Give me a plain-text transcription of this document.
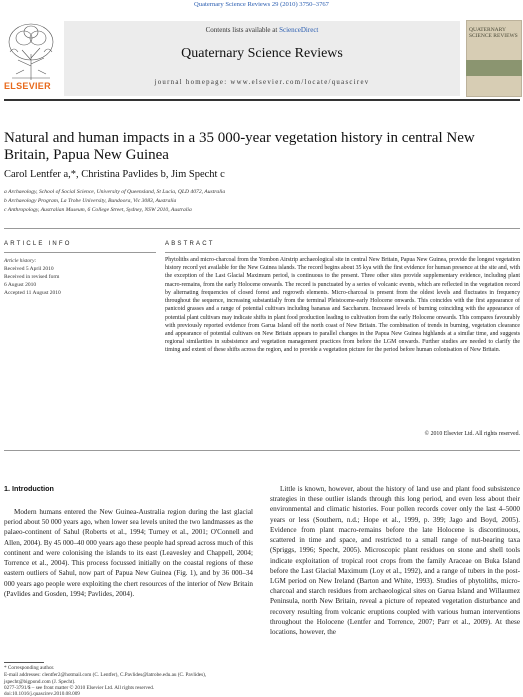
Quaternary Science Reviews 29 (2010) 3750–3767
ELSEVIER
Contents lists available at ScienceDirect
Quaternary Science Reviews
journal homepage: www.elsevier.com/locate/quascirev
QUATERNARY SCIENCE REVIEWS
Natural and human impacts in a 35 000-year vegetation history in central New Britain, Papua New Guinea
Carol Lentfer a,*, Christina Pavlides b, Jim Specht c
a Archaeology, School of Social Science, University of Queensland, St Lucia, QLD 4072, Australia
b Archaeology Program, La Trobe University, Bundoora, Vic 3083, Australia
c Anthropology, Australian Museum, 6 College Street, Sydney, NSW 2010, Australia
ARTICLE INFO
Article history:
Received 5 April 2010
Received in revised form
6 August 2010
Accepted 11 August 2010
ABSTRACT
Phytoliths and micro-charcoal from the Yombon Airstrip archaeological site in central New Britain, Papua New Guinea, provide the longest vegetation history record yet available for the New Guinea islands. The record begins about 35 kya with the first evidence for human presence at the site and, with the exception of the Last Glacial Maximum period, is continuous to the present. Three other sites provide supplementary evidence, including plant macro-remains, from the early Holocene onwards. The record is punctuated by a series of volcanic events, which are reflected in the vegetation record by alternating frequencies of closed forest and regrowth elements. Micro-charcoal is present from the oldest levels and fluctuates in frequency throughout the sequence, increasing substantially from the terminal Pleistocene-early Holocene onwards. This coincides with the first appearance of panicoid grasses and a range of potential cultivars including bananas and Saccharum. Increased levels of burning coinciding with the appearance of potential plant cultivars may indicate shifts in plant food production leading to cultivation from the early Holocene onwards. This compares favourably with previously reported evidence from Garua Island off the north coast of New Britain. The combination of trends in burning, vegetation clearance and appearance of potential cultivars on New Britain appears to parallel changes in the Papua New Guinea highlands at a similar time, and suggests regional similarities in subsistence and vegetation management practices from before the LGM onwards. Further studies are needed to clarify the timing and extent of these shifts across the region, and to provide a vegetation picture for the period before human colonisation of New Britain.
© 2010 Elsevier Ltd. All rights reserved.
1. Introduction
Modern humans entered the New Guinea-Australia region during the last glacial period about 50 000 years ago, when lower sea levels united the two landmasses as the palaeo-continent of Sahul (Roberts et al., 1994; Turney et al., 2001; O'Connell and Allen, 2004). By 45 000–40 000 years ago these people had spread across much of this continent and were colonising the islands to its east (Leavesley and Chappell, 2004; Torrence et al., 2004). This process focussed initially on the coastal regions of these eastern outliers of Sahul, now part of Papua New Guinea (Fig. 1), and by 36 000–34 000 years ago people were exploiting the chert resources of the interior of New Britain (Pavlides and Gosden, 1994; Pavlides, 2004).
Little is known, however, about the history of land use and plant food subsistence strategies in these outlier islands through this long period, and even less about their environmental and climatic histories. Four pollen records cover only the last 4–5000 years or less (Southern, n.d.; Hope et al., 1999, p. 399; Jago and Boyd, 2005). Evidence from plant macro-remains before the late Holocene is discontinuous, scattered in time and space, and restricted to a small range of nut-bearing taxa (Spriggs, 1996; Specht, 2005). Microscopic plant residues on stone and shell tools indicate exploitation of tropical root crops from the family Araceae on Buka Island before the Last Glacial Maximum (Loy et al., 1992), and a range of tubers in the post-LGM period on New Ireland (Barton and White, 1993). Studies of phytoliths, micro-charcoal and starch residues from archaeological sites on Garua Island and Willaumez Peninsula, north New Britain, reveal a picture of repeated vegetation disturbance and recovery resulting from volcanic eruptions coupled with various human interventions throughout the Holocene (Lentfer and Torrence, 2007; Parr et al., 2009). At these locations, however, the
* Corresponding author.
E-mail addresses: clentfer2@hotmail.com (C. Lentfer), C.Pavlides@latrobe.edu.au (C. Pavlides), jspecht@bigpond.com (J. Specht).
0277-3791/$ – see front matter © 2010 Elsevier Ltd. All rights reserved.
doi:10.1016/j.quascirev.2010.08.009
